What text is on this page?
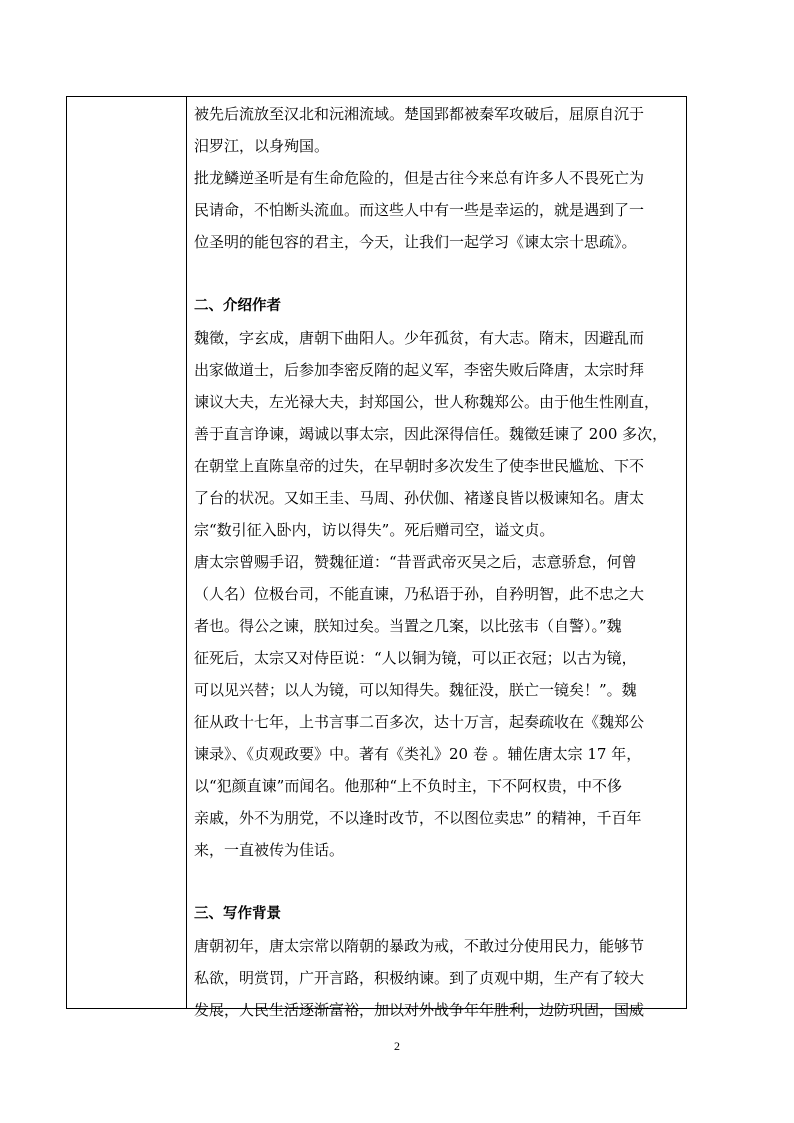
被先后流放至汉北和沅湘流域。楚国郢都被秦军攻破后，屈原自沉于
汨罗江，以身殉国。
批龙鳞逆圣听是有生命危险的，但是古往今来总有许多人不畏死亡为
民请命，不怕断头流血。而这些人中有一些是幸运的，就是遇到了一
位圣明的能包容的君主，今天，让我们一起学习《谏太宗十思疏》。
二、介绍作者
魏徵，字玄成，唐朝下曲阳人。少年孤贫，有大志。隋末，因避乱而
出家做道士，后参加李密反隋的起义军，李密失败后降唐，太宗时拜
谏议大夫，左光禄大夫，封郑国公，世人称魏郑公。由于他生性刚直，
善于直言诤谏，竭诚以事太宗，因此深得信任。魏徵廷谏了 200 多次，
在朝堂上直陈皇帝的过失，在早朝时多次发生了使李世民尴尬、下不
了台的状况。又如王圭、马周、孙伏伽、褚遂良皆以极谏知名。唐太
宗“数引征入卧内，访以得失”。死后赠司空，谥文贞。
唐太宗曾赐手诏，赞魏征道：“昔晋武帝灭吴之后，志意骄怠，何曾
（人名）位极台司，不能直谏，乃私语于孙，自矜明智，此不忠之大
者也。得公之谏，朕知过矣。当置之几案，以比弦韦（自警）。”魏
征死后，太宗又对侍臣说：“人以铜为镜，可以正衣冠；以古为镜，
可以见兴替；以人为镜，可以知得失。魏征没，朕亡一镜矣！”。魏
征从政十七年，上书言事二百多次，达十万言，起奏疏收在《魏郑公
谏录》、《贞观政要》中。著有《类礼》20 卷 。辅佐唐太宗 17 年，
以“犯颜直谏”而闻名。他那种“上不负时主，下不阿权贵，中不侈
亲戚，外不为朋党，不以逢时改节，不以图位卖忠” 的精神，千百年
来，一直被传为佳话。
三、写作背景
唐朝初年，唐太宗常以隋朝的暴政为戒，不敢过分使用民力，能够节
私欲，明赏罚，广开言路，积极纳谏。到了贞观中期，生产有了较大
发展，人民生活逐渐富裕，加以对外战争年年胜利，边防巩固，国威
2
